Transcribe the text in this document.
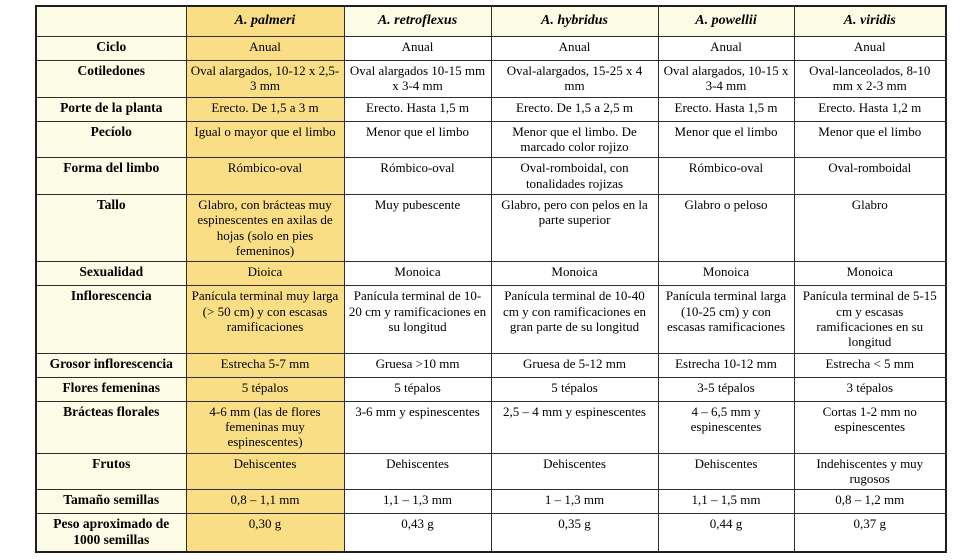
	A. palmeri	A. retroflexus	A. hybridus	A. powellii	A. viridis
Ciclo	Anual	Anual	Anual	Anual	Anual
Cotiledones	Oval alargados, 10-12 x 2,5-3 mm	Oval alargados 10-15 mm x 3-4 mm	Oval-alargados, 15-25 x 4 mm	Oval alargados, 10-15 x 3-4 mm	Oval-lanceolados, 8-10 mm x 2-3 mm
Porte de la planta	Erecto. De 1,5 a 3 m	Erecto. Hasta 1,5 m	Erecto. De 1,5 a 2,5 m	Erecto. Hasta 1,5 m	Erecto. Hasta 1,2 m
Pecíolo	Igual o mayor que el limbo	Menor que el limbo	Menor que el limbo. De marcado color rojizo	Menor que el limbo	Menor que el limbo
Forma del limbo	Rómbico-oval	Rómbico-oval	Oval-romboidal, con tonalidades rojizas	Rómbico-oval	Oval-romboidal
Tallo	Glabro, con brácteas muy espinescentes en axilas de hojas (solo en pies femeninos)	Muy pubescente	Glabro, pero con pelos en la parte superior	Glabro o peloso	Glabro
Sexualidad	Dioica	Monoica	Monoica	Monoica	Monoica
Inflorescencia	Panícula terminal muy larga (> 50 cm) y con escasas ramificaciones	Panícula terminal de 10-20 cm y ramificaciones en su longitud	Panícula terminal de 10-40 cm y con ramificaciones en gran parte de su longitud	Panícula terminal larga (10-25 cm) y con escasas ramificaciones	Panícula terminal de 5-15 cm y escasas ramificaciones en su longitud
Grosor inflorescencia	Estrecha 5-7 mm	Gruesa >10 mm	Gruesa de 5-12 mm	Estrecha 10-12 mm	Estrecha < 5 mm
Flores femeninas	5 tépalos	5 tépalos	5 tépalos	3-5 tépalos	3 tépalos
Brácteas florales	4-6 mm (las de flores femeninas muy espinescentes)	3-6 mm y espinescentes	2,5 – 4 mm y espinescentes	4 – 6,5 mm y espinescentes	Cortas 1-2 mm no espinescentes
Frutos	Dehiscentes	Dehiscentes	Dehiscentes	Dehiscentes	Indehiscentes y muy rugosos
Tamaño semillas	0,8 – 1,1 mm	1,1 – 1,3 mm	1 – 1,3 mm	1,1 – 1,5 mm	0,8 – 1,2 mm
Peso aproximado de 1000 semillas	0,30 g	0,43 g	0,35 g	0,44 g	0,37 g
